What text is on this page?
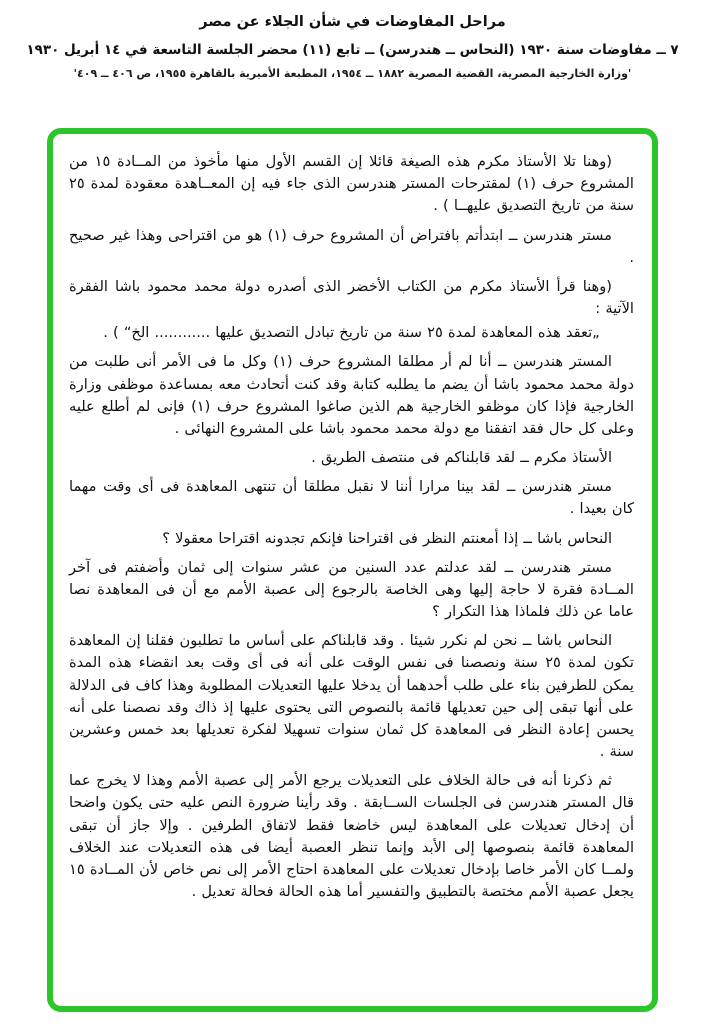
مراحل المفاوضات في شأن الجلاء عن مصر
٧ ــ مفاوضات سنة ١٩٣٠ (النحاس ــ هندرسن) ــ تابع (١١) محضر الجلسة التاسعة في ١٤ أبريل ١٩٣٠
'وزارة الخارجية المصرية، القضية المصرية ١٨٨٢ ــ ١٩٥٤، المطبعة الأميرية بالقاهرة ١٩٥٥، ص ٤٠٦ ــ ٤٠٩'

(وهنا تلا الأستاذ مكرم هذه الصيغة قائلا إن القسم الأول منها مأخوذ من المــادة ١٥ من المشروع حرف (١) لمقترحات المستر هندرسن الذى جاء فيه إن المعــاهدة معقودة لمدة ٢٥ سنة من تاريخ التصديق عليهــا ) .

مستر هندرسن ــ ابتدأتم بافتراض أن المشروع حرف (١) هو من اقتراحى وهذا غير صحيح .

(وهنا قرأ الأستاذ مكرم من الكتاب الأخضر الذى أصدره دولة محمد محمود باشا الفقرة الآتية :

„تعقد هذه المعاهدة لمدة ٢٥ سنة من تاريخ تبادل التصديق عليها ............ الخ“ ) .

المستر هندرسن ــ أنا لم أر مطلقا المشروع حرف (١) وكل ما فى الأمر أنى طلبت من دولة محمد محمود باشا أن يضم ما يطلبه كتابة وقد كنت أتحادث معه بمساعدة موظفى وزارة الخارجية فإذا كان موظفو الخارجية هم الذين صاغوا المشروع حرف (١) فإنى لم أطلع عليه وعلى كل حال فقد اتفقنا مع دولة محمد محمود باشا على المشروع النهائى .

الأستاذ مكرم ــ لقد قابلناكم فى منتصف الطريق .

مستر هندرسن ــ لقد بينا مرارا أننا لا نقبل مطلقا أن تنتهى المعاهدة فى أى وقت مهما كان بعيدا .

النحاس باشا ــ إذا أمعنتم النظر فى اقتراحنا فإنكم تجدونه اقتراحا معقولا ؟

مستر هندرسن ــ لقد عدلتم عدد السنين من عشر سنوات إلى ثمان وأضفتم فى آخر المــادة فقرة لا حاجة إليها وهى الخاصة بالرجوع إلى عصبة الأمم مع أن فى المعاهدة نصا عاما عن ذلك فلماذا هذا التكرار ؟

النحاس باشا ــ نحن لم نكرر شيئا . وقد قابلناكم على أساس ما تطلبون فقلنا إن المعاهدة تكون لمدة ٢٥ سنة ونصصنا فى نفس الوقت على أنه فى أى وقت بعد انقضاء هذه المدة يمكن للطرفين بناء على طلب أحدهما أن يدخلا عليها التعديلات المطلوبة وهذا كاف فى الدلالة على أنها تبقى إلى حين تعديلها قائمة بالنصوص التى يحتوى عليها إذ ذاك وقد نصصنا على أنه يحسن إعادة النظر فى المعاهدة كل ثمان سنوات تسهيلا لفكرة تعديلها بعد خمس وعشرين سنة .

ثم ذكرنا أنه فى حالة الخلاف على التعديلات يرجع الأمر إلى عصبة الأمم وهذا لا يخرج عما قال المستر هندرسن فى الجلسات الســابقة . وقد رأينا ضرورة النص عليه حتى يكون واضحا أن إدخال تعديلات على المعاهدة ليس خاضعا فقط لاتفاق الطرفين . وإلا جاز أن تبقى المعاهدة قائمة بنصوصها إلى الأبد وإنما تنظر العصبة أيضا فى هذه التعديلات عند الخلاف ولمــا كان الأمر خاصا بإدخال تعديلات على المعاهدة احتاج الأمر إلى نص خاص لأن المــادة ١٥ يجعل عصبة الأمم مختصة بالتطبيق والتفسير أما هذه الحالة فحالة تعديل .
